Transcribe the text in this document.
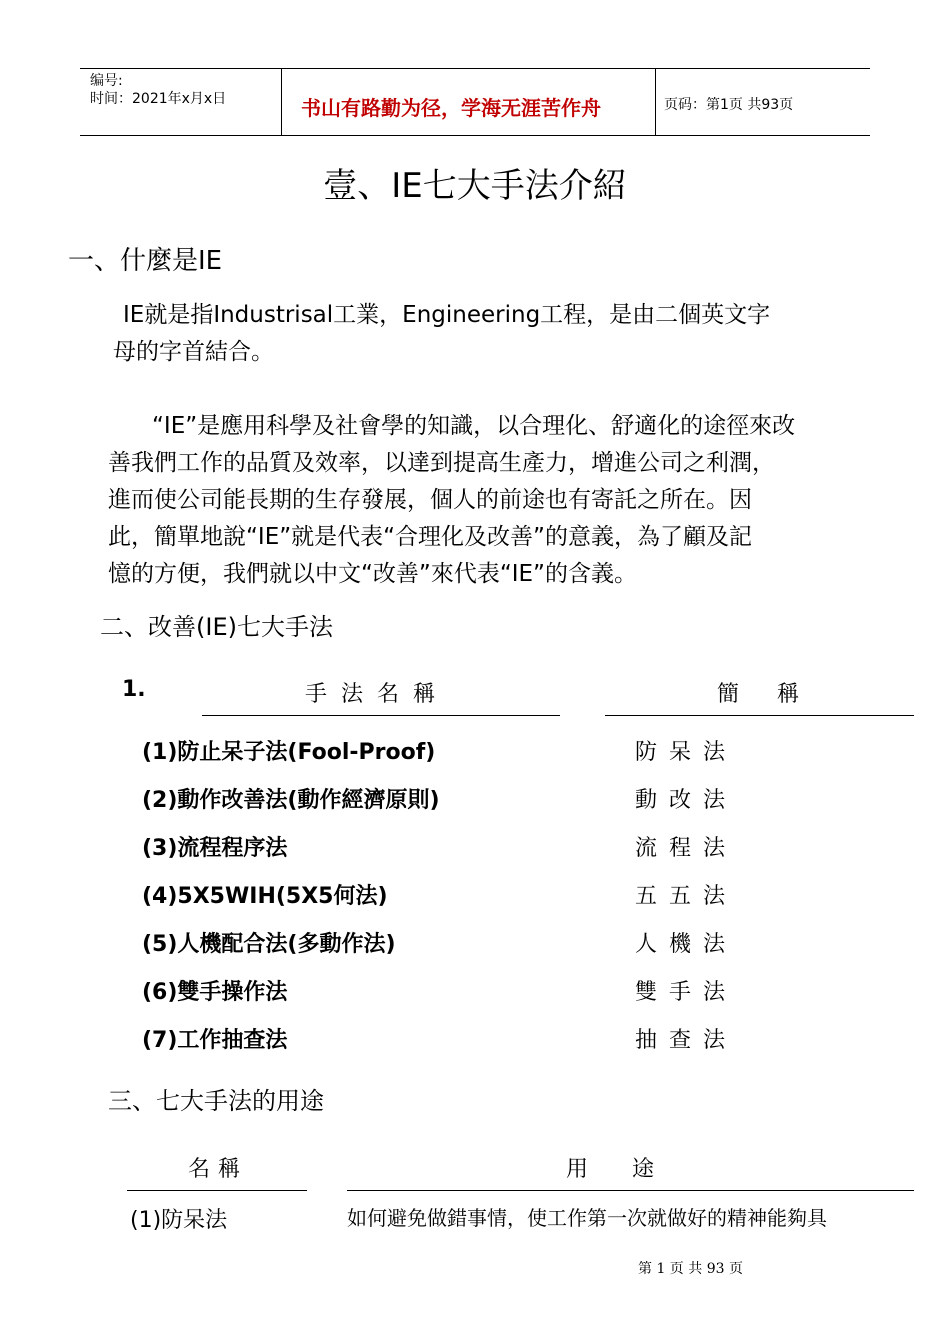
编号:
时间：2021年x月x日	书山有路勤为径，学海无涯苦作舟	页码：第1页 共93页
壹、IE七大手法介紹
一、什麼是IE
IE就是指Industrisal工業，Engineering工程，是由二個英文字
母的字首結合。
“IE”是應用科學及社會學的知識，以合理化、舒適化的途徑來改
善我們工作的品質及效率，以達到提高生產力，增進公司之利潤，
進而使公司能長期的生存發展，個人的前途也有寄託之所在。因
此，簡單地說“IE”就是代表“合理化及改善”的意義，為了顧及記
憶的方便，我們就以中文“改善”來代表“IE”的含義。
二、改善(IE)七大手法
1.	手法名稱	簡稱
(1)防止呆子法(Fool-Proof)	防呆法
(2)動作改善法(動作經濟原則)	動改法
(3)流程程序法	流程法
(4)5X5WIH(5X5何法)	五五法
(5)人機配合法(多動作法)	人機法
(6)雙手操作法	雙手法
(7)工作抽查法	抽查法
三、七大手法的用途
名稱	用　　途
(1)防呆法	如何避免做錯事情，使工作第一次就做好的精神能夠具
第 1 页 共 93 页
